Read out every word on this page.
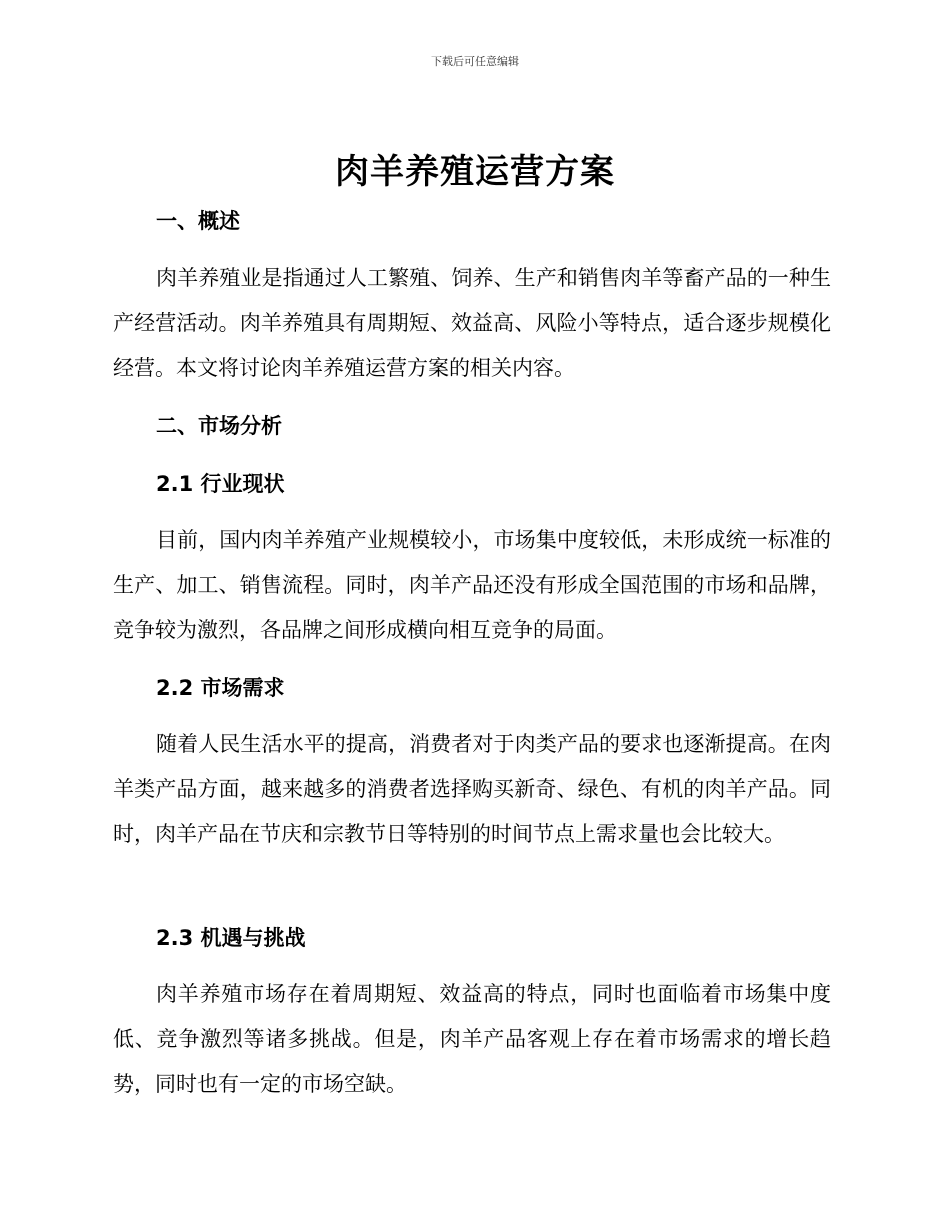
下载后可任意编辑
肉羊养殖运营方案
一、概述
肉羊养殖业是指通过人工繁殖、饲养、生产和销售肉羊等畜产品的一种生产经营活动。肉羊养殖具有周期短、效益高、风险小等特点，适合逐步规模化经营。本文将讨论肉羊养殖运营方案的相关内容。
二、市场分析
2.1 行业现状
目前，国内肉羊养殖产业规模较小，市场集中度较低，未形成统一标准的生产、加工、销售流程。同时，肉羊产品还没有形成全国范围的市场和品牌，竞争较为激烈，各品牌之间形成横向相互竞争的局面。
2.2 市场需求
随着人民生活水平的提高，消费者对于肉类产品的要求也逐渐提高。在肉羊类产品方面，越来越多的消费者选择购买新奇、绿色、有机的肉羊产品。同时，肉羊产品在节庆和宗教节日等特别的时间节点上需求量也会比较大。
2.3 机遇与挑战
肉羊养殖市场存在着周期短、效益高的特点，同时也面临着市场集中度低、竞争激烈等诸多挑战。但是，肉羊产品客观上存在着市场需求的增长趋势，同时也有一定的市场空缺。
